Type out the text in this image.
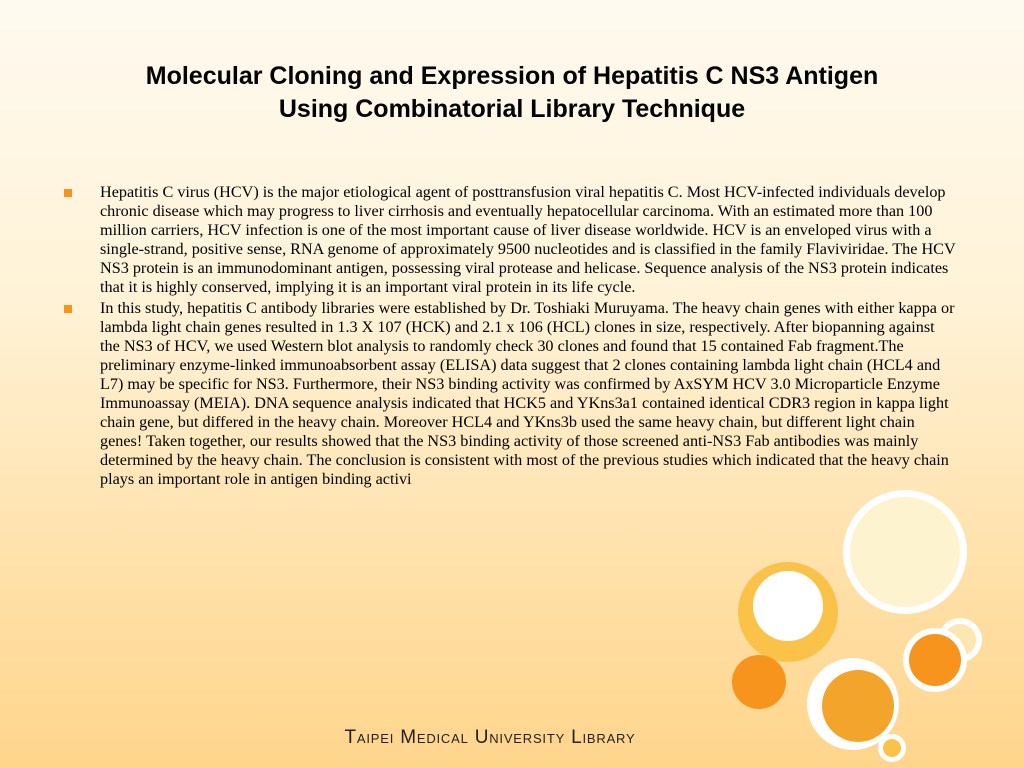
Molecular Cloning and Expression of Hepatitis C NS3 Antigen
Using Combinatorial Library Technique
Hepatitis C virus (HCV) is the major etiological agent of posttransfusion viral hepatitis C. Most HCV-infected individuals develop chronic disease which may progress to liver cirrhosis and eventually hepatocellular carcinoma. With an estimated more than 100 million carriers, HCV infection is one of the most important cause of liver disease worldwide. HCV is an enveloped virus with a single-strand, positive sense, RNA genome of approximately 9500 nucleotides and is classified in the family Flaviviridae. The HCV NS3 protein is an immunodominant antigen, possessing viral protease and helicase. Sequence analysis of the NS3 protein indicates that it is highly conserved, implying it is an important viral protein in its life cycle.
In this study, hepatitis C antibody libraries were established by Dr. Toshiaki Muruyama. The heavy chain genes with either kappa or lambda light chain genes resulted in 1.3 X 107 (HCK) and 2.1 x 106 (HCL) clones in size, respectively. After biopanning against the NS3 of HCV, we used Western blot analysis to randomly check 30 clones and found that 15 contained Fab fragment.The preliminary enzyme-linked immunoabsorbent assay (ELISA) data suggest that 2 clones containing lambda light chain (HCL4 and L7) may be specific for NS3. Furthermore, their NS3 binding activity was confirmed by AxSYM HCV 3.0 Microparticle Enzyme Immunoassay (MEIA). DNA sequence analysis indicated that HCK5 and YKns3a1 contained identical CDR3 region in kappa light chain gene, but differed in the heavy chain. Moreover HCL4 and YKns3b used the same heavy chain, but different light chain genes! Taken together, our results showed that the NS3 binding activity of those screened anti-NS3 Fab antibodies was mainly determined by the heavy chain. The conclusion is consistent with most of the previous studies which indicated that the heavy chain plays an important role in antigen binding activi
Taipei Medical University Library
